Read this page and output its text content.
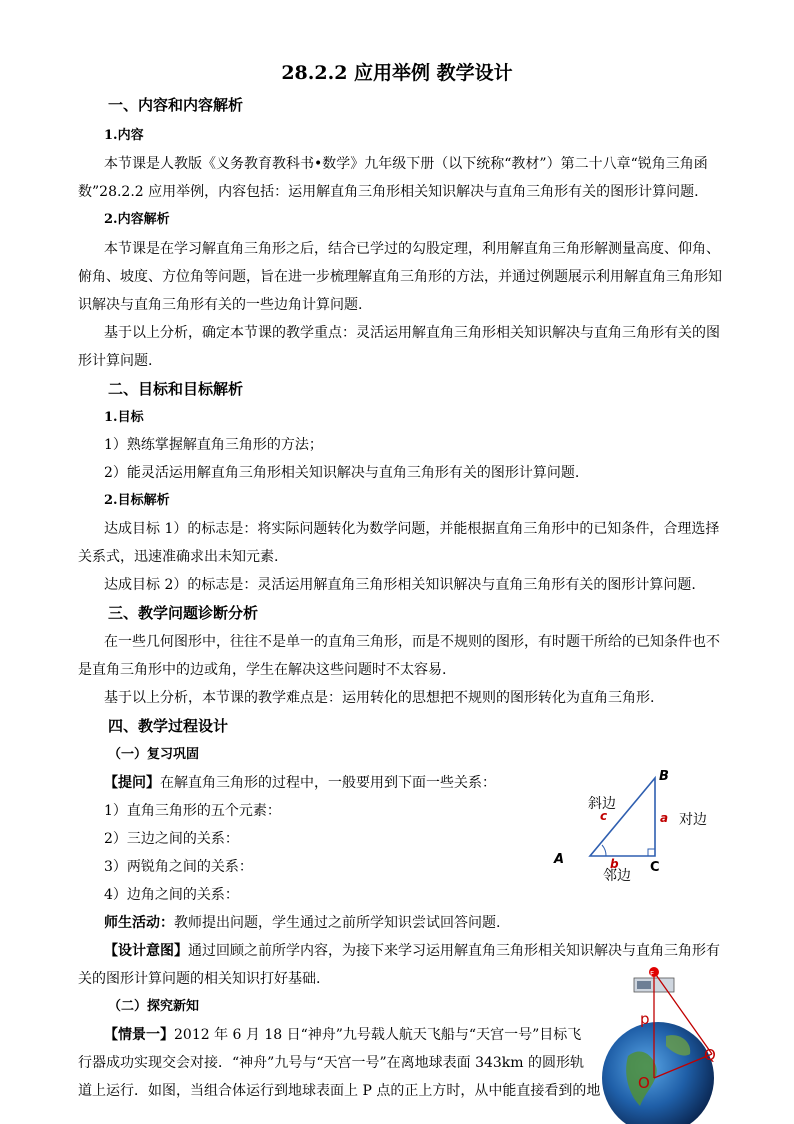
28.2.2 应用举例 教学设计
一、内容和内容解析
1.内容
本节课是人教版《义务教育教科书•数学》九年级下册（以下统称“教材”）第二十八章“锐角三角函
数”28.2.2 应用举例，内容包括：运用解直角三角形相关知识解决与直角三角形有关的图形计算问题.
2.内容解析
本节课是在学习解直角三角形之后，结合已学过的勾股定理，利用解直角三角形解测量高度、仰角、
俯角、坡度、方位角等问题，旨在进一步梳理解直角三角形的方法，并通过例题展示利用解直角三角形知
识解决与直角三角形有关的一些边角计算问题.
基于以上分析，确定本节课的教学重点：灵活运用解直角三角形相关知识解决与直角三角形有关的图
形计算问题.
二、目标和目标解析
1.目标
1）熟练掌握解直角三角形的方法；
2）能灵活运用解直角三角形相关知识解决与直角三角形有关的图形计算问题.
2.目标解析
达成目标 1）的标志是：将实际问题转化为数学问题，并能根据直角三角形中的已知条件，合理选择
关系式，迅速准确求出未知元素.
达成目标 2）的标志是：灵活运用解直角三角形相关知识解决与直角三角形有关的图形计算问题.
三、教学问题诊断分析
在一些几何图形中，往往不是单一的直角三角形，而是不规则的图形，有时题干所给的已知条件也不
是直角三角形中的边或角，学生在解决这些问题时不太容易.
基于以上分析，本节课的教学难点是：运用转化的思想把不规则的图形转化为直角三角形.
四、教学过程设计
（一）复习巩固
【提问】在解直角三角形的过程中，一般要用到下面一些关系：
1）直角三角形的五个元素：
2）三边之间的关系：
3）两锐角之间的关系：
4）边角之间的关系：
师生活动：教师提出问题，学生通过之前所学知识尝试回答问题.
【设计意图】通过回顾之前所学内容，为接下来学习运用解直角三角形相关知识解决与直角三角形有
关的图形计算问题的相关知识打好基础.
（二）探究新知
【情景一】2012 年 6 月 18 日“神舟”九号载人航天飞船与“天宫一号”目标飞
行器成功实现交会对接．“神舟”九号与“天宫一号”在离地球表面 343km 的圆形轨
道上运行．如图，当组合体运行到地球表面上 P 点的正上方时，从中能直接看到的地
B
A
C
a
b
c
斜边
对边
邻边
F
p
Q
O
